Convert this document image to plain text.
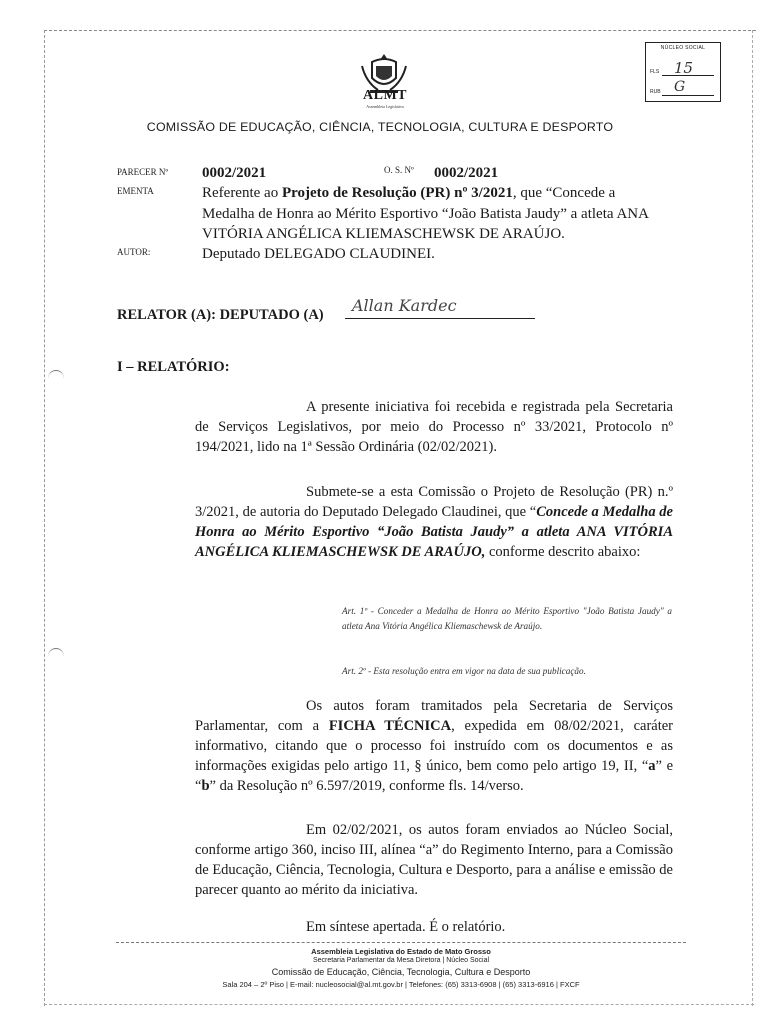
ALMT
Assembleia Legislativa
NÚCLEO SOCIAL
FLS 15
RUB G
COMISSÃO DE EDUCAÇÃO, CIÊNCIA, TECNOLOGIA, CULTURA E DESPORTO
PARECER Nº 0002/2021	O. S. Nº 0002/2021
EMENTA	Referente ao Projeto de Resolução (PR) nº 3/2021, que “Concede a
Medalha de Honra ao Mérito Esportivo “João Batista Jaudy” a atleta ANA
VITÓRIA ANGÉLICA KLIEMASCHEWSK DE ARAÚJO.
AUTOR:	Deputado DELEGADO CLAUDINEI.
RELATOR (A): DEPUTADO (A) Allan Kardec
I – RELATÓRIO:
A presente iniciativa foi recebida e registrada pela Secretaria de Serviços Legislativos, por meio do Processo nº 33/2021, Protocolo nº 194/2021, lido na 1ª Sessão Ordinária (02/02/2021).
Submete-se a esta Comissão o Projeto de Resolução (PR) n.º 3/2021, de autoria do Deputado Delegado Claudinei, que “Concede a Medalha de Honra ao Mérito Esportivo “João Batista Jaudy” a atleta ANA VITÓRIA ANGÉLICA KLIEMASCHEWSK DE ARAÚJO, conforme descrito abaixo:
Art. 1º - Conceder a Medalha de Honra ao Mérito Esportivo "João Batista Jaudy" a atleta Ana Vitória Angélica Kliemaschewsk de Araújo.
Art. 2º - Esta resolução entra em vigor na data de sua publicação.
Os autos foram tramitados pela Secretaria de Serviços Parlamentar, com a FICHA TÉCNICA, expedida em 08/02/2021, caráter informativo, citando que o processo foi instruído com os documentos e as informações exigidas pelo artigo 11, § único, bem como pelo artigo 19, II, “a” e “b” da Resolução nº 6.597/2019, conforme fls. 14/verso.
Em 02/02/2021, os autos foram enviados ao Núcleo Social, conforme artigo 360, inciso III, alínea “a” do Regimento Interno, para a Comissão de Educação, Ciência, Tecnologia, Cultura e Desporto, para a análise e emissão de parecer quanto ao mérito da iniciativa.
Em síntese apertada. É o relatório.
Assembleia Legislativa do Estado de Mato Grosso
Secretaria Parlamentar da Mesa Diretora | Núcleo Social
Comissão de Educação, Ciência, Tecnologia, Cultura e Desporto
Sala 204 – 2º Piso | E-mail: nucleosocial@al.mt.gov.br | Telefones: (65) 3313-6908 | (65) 3313-6916 | FXCF
